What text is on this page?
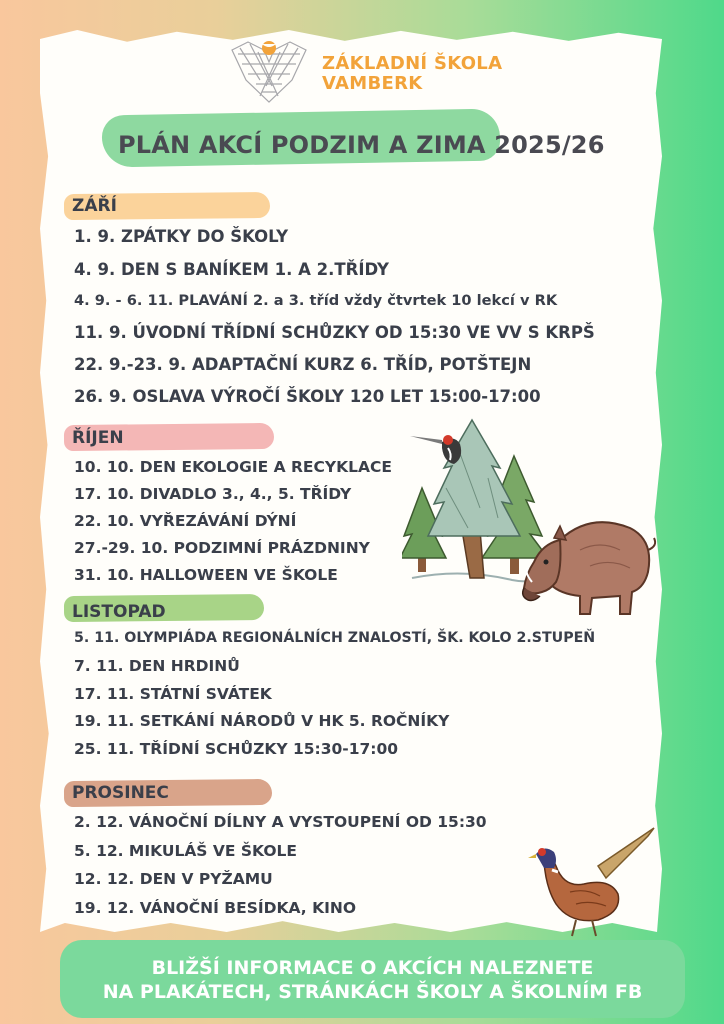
ZÁKLADNÍ ŠKOLA
VAMBERK
PLÁN AKCÍ PODZIM A ZIMA 2025/26
ZÁŘÍ
1. 9. ZPÁTKY DO ŠKOLY
4. 9. DEN S BANÍKEM 1. A 2.TŘÍDY
4. 9. - 6. 11. PLAVÁNÍ 2. a 3. tříd vždy čtvrtek 10 lekcí v RK
11. 9. ÚVODNÍ TŘÍDNÍ SCHŮZKY OD 15:30 VE VV S KRPŠ
22. 9.-23. 9. ADAPTAČNÍ KURZ 6. TŘÍD, POTŠTEJN
26. 9. OSLAVA VÝROČÍ ŠKOLY 120 LET 15:00-17:00
ŘÍJEN
10. 10. DEN EKOLOGIE A RECYKLACE
17. 10. DIVADLO 3., 4., 5. TŘÍDY
22. 10. VYŘEZÁVÁNÍ DÝNÍ
27.-29. 10. PODZIMNÍ PRÁZDNINY
31. 10. HALLOWEEN VE ŠKOLE
LISTOPAD
5. 11. OLYMPIÁDA REGIONÁLNÍCH ZNALOSTÍ, ŠK. KOLO 2.STUPEŇ
7. 11. DEN HRDINŮ
17. 11. STÁTNÍ SVÁTEK
19. 11. SETKÁNÍ NÁRODŮ V HK 5. ROČNÍKY
25. 11. TŘÍDNÍ SCHŮZKY 15:30-17:00
PROSINEC
2. 12. VÁNOČNÍ DÍLNY A VYSTOUPENÍ OD 15:30
5. 12. MIKULÁŠ VE ŠKOLE
12. 12. DEN V PYŽAMU
19. 12. VÁNOČNÍ BESÍDKA, KINO
BLIŽŠÍ INFORMACE O AKCÍCH NALEZNETE
NA PLAKÁTECH, STRÁNKÁCH ŠKOLY A ŠKOLNÍM FB
